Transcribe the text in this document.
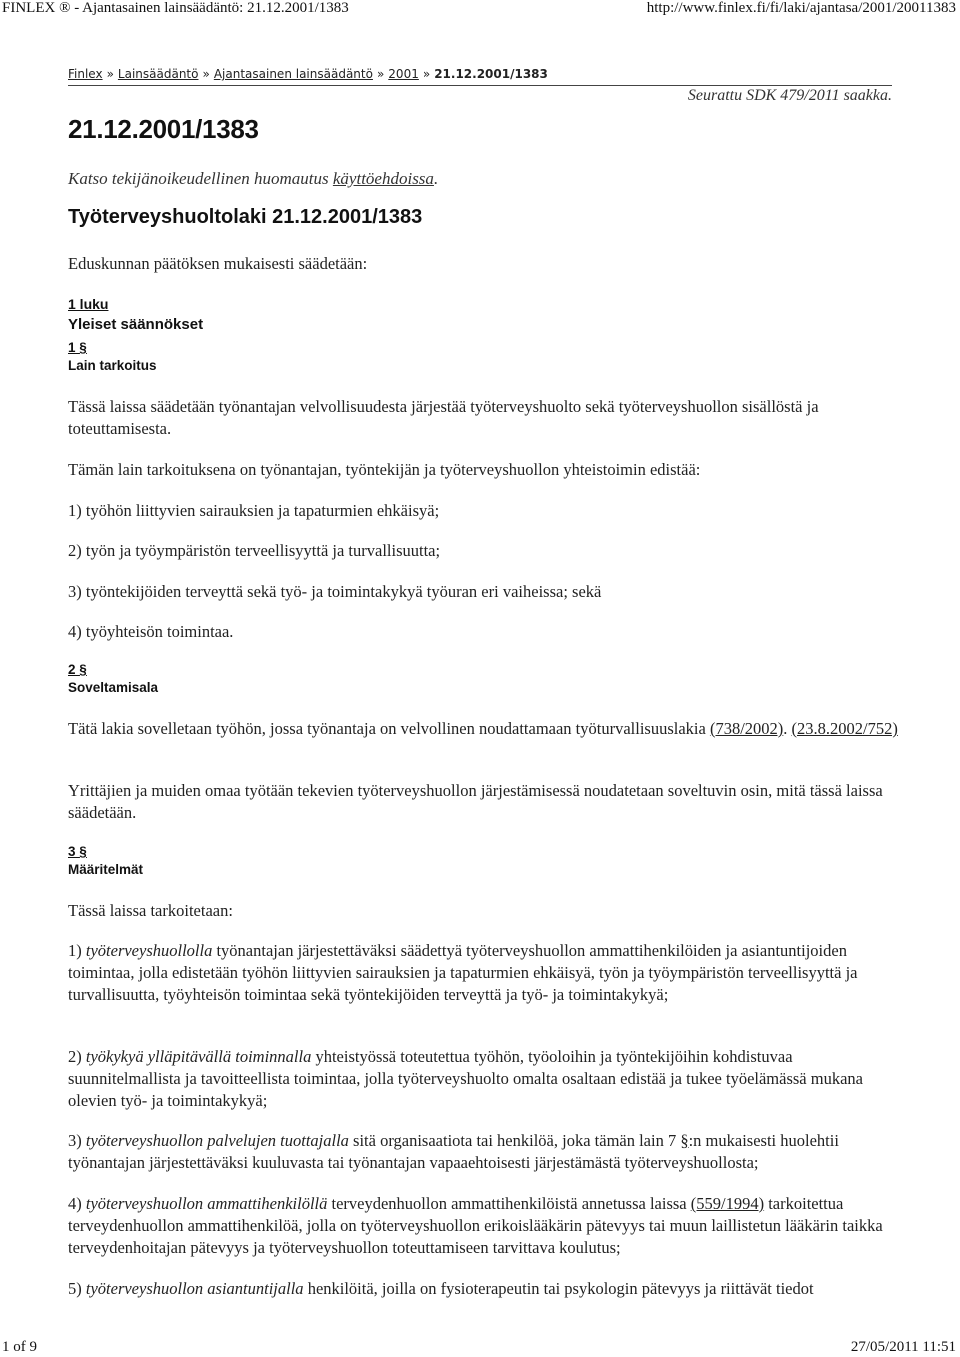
FINLEX ® - Ajantasainen lainsäädäntö: 21.12.2001/1383	http://www.finlex.fi/fi/laki/ajantasa/2001/20011383
Finlex » Lainsäädäntö » Ajantasainen lainsäädäntö » 2001 » 21.12.2001/1383
Seurattu SDK 479/2011 saakka.
21.12.2001/1383
Katso tekijänoikeudellinen huomautus käyttöehdoissa.
Työterveyshuoltolaki 21.12.2001/1383
Eduskunnan päätöksen mukaisesti säädetään:
1 luku
Yleiset säännökset
1 §
Lain tarkoitus
Tässä laissa säädetään työnantajan velvollisuudesta järjestää työterveyshuolto sekä työterveyshuollon sisällöstä ja toteuttamisesta.
Tämän lain tarkoituksena on työnantajan, työntekijän ja työterveyshuollon yhteistoimin edistää:
1) työhön liittyvien sairauksien ja tapaturmien ehkäisyä;
2) työn ja työympäristön terveellisyyttä ja turvallisuutta;
3) työntekijöiden terveyttä sekä työ- ja toimintakykyä työuran eri vaiheissa; sekä
4) työyhteisön toimintaa.
2 §
Soveltamisala
Tätä lakia sovelletaan työhön, jossa työnantaja on velvollinen noudattamaan työturvallisuuslakia (738/2002). (23.8.2002/752)
Yrittäjien ja muiden omaa työtään tekevien työterveyshuollon järjestämisessä noudatetaan soveltuvin osin, mitä tässä laissa säädetään.
3 §
Määritelmät
Tässä laissa tarkoitetaan:
1) työterveyshuollolla työnantajan järjestettäväksi säädettyä työterveyshuollon ammattihenkilöiden ja asiantuntijoiden toimintaa, jolla edistetään työhön liittyvien sairauksien ja tapaturmien ehkäisyä, työn ja työympäristön terveellisyyttä ja turvallisuutta, työyhteisön toimintaa sekä työntekijöiden terveyttä ja työ- ja toimintakykyä;
2) työkykyä ylläpitävällä toiminnalla yhteistyössä toteutettua työhön, työoloihin ja työntekijöihin kohdistuvaa suunnitelmallista ja tavoitteellista toimintaa, jolla työterveyshuolto omalta osaltaan edistää ja tukee työelämässä mukana olevien työ- ja toimintakykyä;
3) työterveyshuollon palvelujen tuottajalla sitä organisaatiota tai henkilöä, joka tämän lain 7 §:n mukaisesti huolehtii työnantajan järjestettäväksi kuuluvasta tai työnantajan vapaaehtoisesti järjestämästä työterveyshuollosta;
4) työterveyshuollon ammattihenkilöllä terveydenhuollon ammattihenkilöistä annetussa laissa (559/1994) tarkoitettua terveydenhuollon ammattihenkilöä, jolla on työterveyshuollon erikoislääkärin pätevyys tai muun laillistetun lääkärin taikka terveydenhoitajan pätevyys ja työterveyshuollon toteuttamiseen tarvittava koulutus;
5) työterveyshuollon asiantuntijalla henkilöitä, joilla on fysioterapeutin tai psykologin pätevyys ja riittävät tiedot
1 of 9	27/05/2011 11:51
